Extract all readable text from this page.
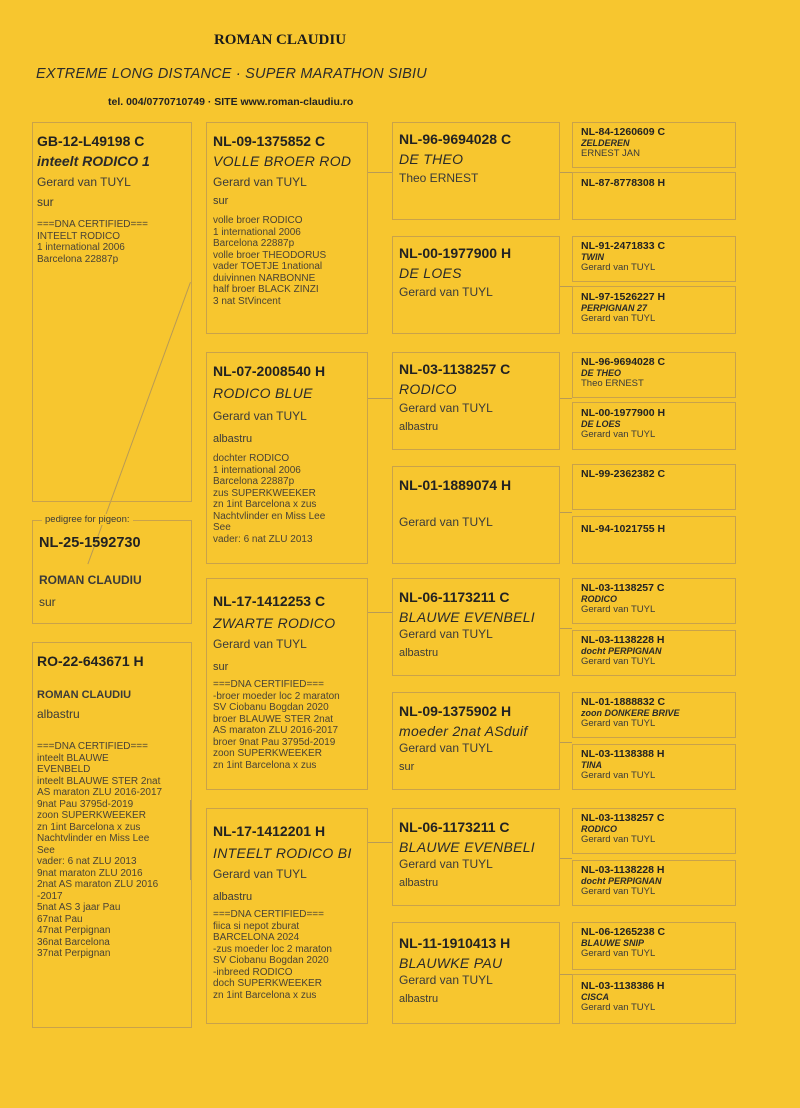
ROMAN CLAUDIU
EXTREME LONG DISTANCE · SUPER MARATHON SIBIU
tel. 004/0770710749 · SITE www.roman-claudiu.ro
GB-12-L49198 C
inteelt RODICO 1
Gerard van TUYL
sur
===DNA CERTIFIED===
INTEELT RODICO
1 international 2006
Barcelona 22887p
NL-25-1592730
ROMAN CLAUDIU
sur
pedigree for pigeon:
RO-22-643671 H
ROMAN CLAUDIU
albastru
===DNA CERTIFIED===
inteelt BLAUWE
EVENBELD
inteelt BLAUWE STER 2nat
AS maraton ZLU 2016-2017
9nat Pau 3795d-2019
zoon SUPERKWEEKER
zn 1int Barcelona x zus
Nachtvlinder en Miss Lee
See
vader: 6 nat ZLU 2013
9nat maraton ZLU 2016
2nat AS maraton ZLU 2016
-2017
5nat AS 3 jaar Pau
67nat Pau
47nat Perpignan
36nat Barcelona
37nat Perpignan
NL-09-1375852 C
VOLLE BROER ROD
Gerard van TUYL
sur
volle broer RODICO
1 international 2006
Barcelona 22887p
volle broer THEODORUS
vader TOETJE 1national
duivinnen NARBONNE
half broer BLACK ZINZI
3 nat StVincent
NL-07-2008540 H
RODICO BLUE
Gerard van TUYL
albastru
dochter RODICO
1 international 2006
Barcelona 22887p
zus SUPERKWEEKER
zn 1int Barcelona x zus
Nachtvlinder en Miss Lee
See
vader: 6 nat ZLU 2013
NL-17-1412253 C
ZWARTE RODICO
Gerard van TUYL
sur
===DNA CERTIFIED===
-broer moeder loc 2 maraton
SV Ciobanu Bogdan 2020
broer BLAUWE STER 2nat
AS maraton ZLU 2016-2017
broer 9nat Pau 3795d-2019
zoon SUPERKWEEKER
zn 1int Barcelona x zus
NL-17-1412201 H
INTEELT RODICO BI
Gerard van TUYL
albastru
===DNA CERTIFIED===
fiica si nepot zburat
BARCELONA 2024
-zus moeder loc 2 maraton
SV Ciobanu Bogdan 2020
-inbreed RODICO
doch SUPERKWEEKER
zn 1int Barcelona x zus
NL-96-9694028 C
DE THEO
Theo ERNEST
NL-00-1977900 H
DE LOES
Gerard van TUYL
NL-03-1138257 C
RODICO
Gerard van TUYL
albastru
NL-01-1889074 H
Gerard van TUYL
NL-06-1173211 C
BLAUWE EVENBELI
Gerard van TUYL
albastru
NL-09-1375902 H
moeder 2nat ASduif
Gerard van TUYL
sur
NL-06-1173211 C
BLAUWE EVENBELI
Gerard van TUYL
albastru
NL-11-1910413 H
BLAUWKE PAU
Gerard van TUYL
albastru
NL-84-1260609 C
ZELDEREN
ERNEST JAN
NL-87-8778308 H
NL-91-2471833 C
TWIN
Gerard van TUYL
NL-97-1526227 H
PERPIGNAN 27
Gerard van TUYL
NL-96-9694028 C
DE THEO
Theo ERNEST
NL-00-1977900 H
DE LOES
Gerard van TUYL
NL-99-2362382 C
NL-94-1021755 H
NL-03-1138257 C
RODICO
Gerard van TUYL
NL-03-1138228 H
docht PERPIGNAN
Gerard van TUYL
NL-01-1888832 C
zoon DONKERE BRIVE
Gerard van TUYL
NL-03-1138388 H
TINA
Gerard van TUYL
NL-03-1138257 C
RODICO
Gerard van TUYL
NL-03-1138228 H
docht PERPIGNAN
Gerard van TUYL
NL-06-1265238 C
BLAUWE SNIP
Gerard van TUYL
NL-03-1138386 H
CISCA
Gerard van TUYL
